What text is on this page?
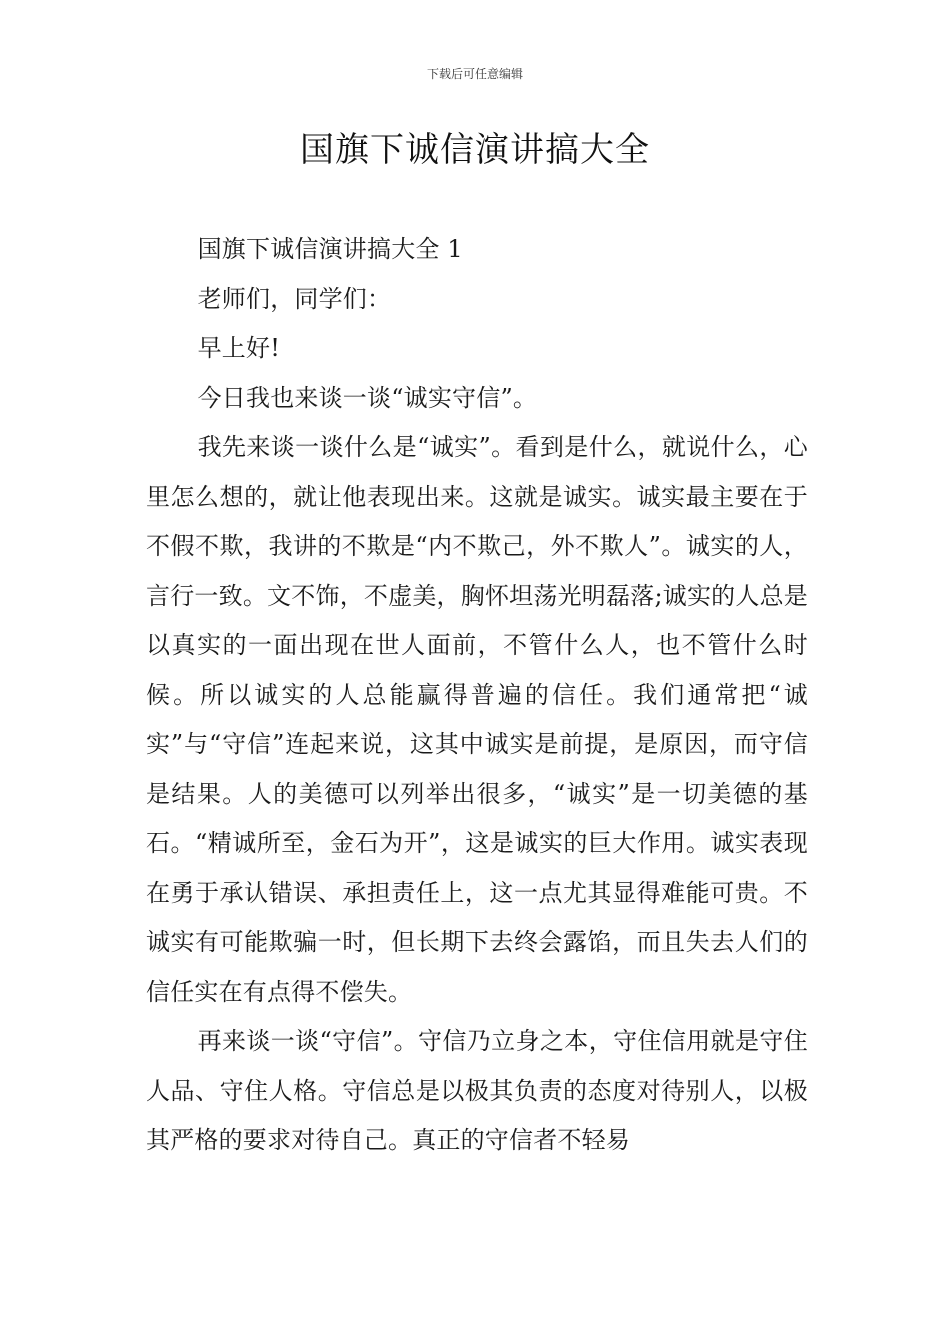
下载后可任意编辑
国旗下诚信演讲搞大全

国旗下诚信演讲搞大全 1

老师们，同学们：

早上好!

今日我也来谈一谈“诚实守信”。

我先来谈一谈什么是“诚实”。看到是什么，就说什么，心里怎么想的，就让他表现出来。这就是诚实。诚实最主要在于不假不欺，我讲的不欺是“内不欺己，外不欺人”。诚实的人，言行一致。文不饰，不虚美，胸怀坦荡光明磊落;诚实的人总是以真实的一面出现在世人面前，不管什么人，也不管什么时候。所以诚实的人总能赢得普遍的信任。我们通常把“诚实”与“守信”连起来说，这其中诚实是前提，是原因，而守信是结果。人的美德可以列举出很多，“诚实”是一切美德的基石。“精诚所至，金石为开”，这是诚实的巨大作用。诚实表现在勇于承认错误、承担责任上，这一点尤其显得难能可贵。不诚实有可能欺骗一时，但长期下去终会露馅，而且失去人们的信任实在有点得不偿失。

再来谈一谈“守信”。守信乃立身之本，守住信用就是守住人品、守住人格。守信总是以极其负责的态度对待别人，以极其严格的要求对待自己。真正的守信者不轻易
